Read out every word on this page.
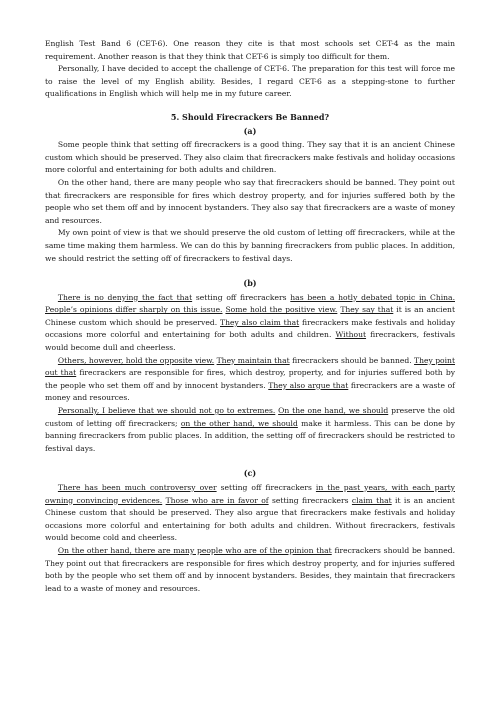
English Test Band 6 (CET-6). One reason they cite is that most schools set CET-4 as the main requirement. Another reason is that they think that CET-6 is simply too difficult for them.

Personally, I have decided to accept the challenge of CET-6. The preparation for this test will force me to raise the level of my English ability. Besides, I regard CET-6 as a stepping-stone to further qualifications in English which will help me in my future career.

5. Should Firecrackers Be Banned?

(a)

Some people think that setting off firecrackers is a good thing. They say that it is an ancient Chinese custom which should be preserved. They also claim that firecrackers make festivals and holiday occasions more colorful and entertaining for both adults and children.

On the other hand, there are many people who say that firecrackers should be banned. They point out that firecrackers are responsible for fires which destroy property, and for injuries suffered both by the people who set them off and by innocent bystanders. They also say that firecrackers are a waste of money and resources.

My own point of view is that we should preserve the old custom of letting off firecrackers, while at the same time making them harmless. We can do this by banning firecrackers from public places. In addition, we should restrict the setting off of firecrackers to festival days.

(b)

There is no denying the fact that setting off firecrackers has been a hotly debated topic in China. People’s opinions differ sharply on this issue. Some hold the positive view. They say that it is an ancient Chinese custom which should be preserved. They also claim that firecrackers make festivals and holiday occasions more colorful and entertaining for both adults and children. Without firecrackers, festivals would become dull and cheerless.

Others, however, hold the opposite view. They maintain that firecrackers should be banned. They point out that firecrackers are responsible for fires, which destroy, property, and for injuries suffered both by the people who set them off and by innocent bystanders. They also argue that firecrackers are a waste of money and resources.

Personally, I believe that we should not go to extremes. On the one hand, we should preserve the old custom of letting off firecrackers; on the other hand, we should make it harmless. This can be done by banning firecrackers from public places. In addition, the setting off of firecrackers should be restricted to festival days.

(c)

There has been much controversy over setting off firecrackers in the past years, with each party owning convincing evidences. Those who are in favor of setting firecrackers claim that it is an ancient Chinese custom that should be preserved. They also argue that firecrackers make festivals and holiday occasions more colorful and entertaining for both adults and children. Without firecrackers, festivals would become cold and cheerless.

On the other hand, there are many people who are of the opinion that firecrackers should be banned. They point out that firecrackers are responsible for fires which destroy property, and for injuries suffered both by the people who set them off and by innocent bystanders. Besides, they maintain that firecrackers lead to a waste of money and resources.
